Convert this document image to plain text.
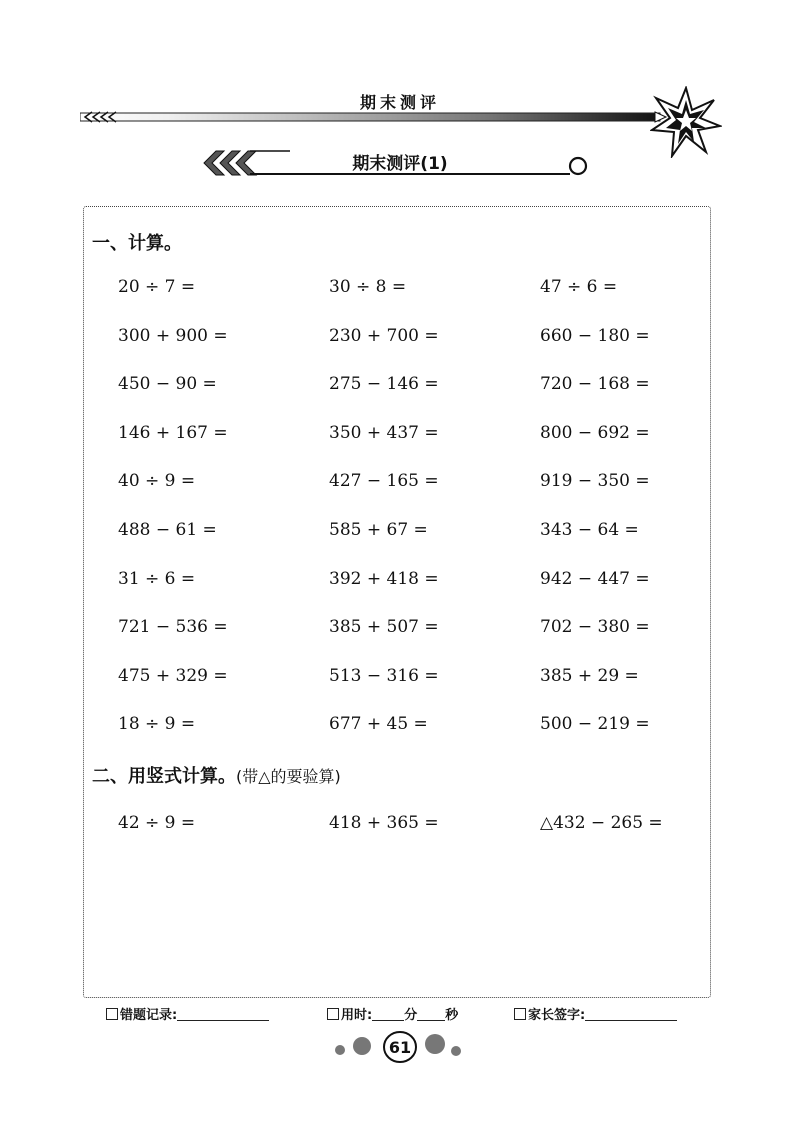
期末测评
期末测评(1)
一、计算。
20 ÷ 7 =	30 ÷ 8 =	47 ÷ 6 =
300 + 900 =	230 + 700 =	660 − 180 =
450 − 90 =	275 − 146 =	720 − 168 =
146 + 167 =	350 + 437 =	800 − 692 =
40 ÷ 9 =	427 − 165 =	919 − 350 =
488 − 61 =	585 + 67 =	343 − 64 =
31 ÷ 6 =	392 + 418 =	942 − 447 =
721 − 536 =	385 + 507 =	702 − 380 =
475 + 329 =	513 − 316 =	385 + 29 =
18 ÷ 9 =	677 + 45 =	500 − 219 =
二、用竖式计算。(带△的要验算)
42 ÷ 9 =	418 + 365 =	△432 − 265 =
错题记录:	用时: 分 秒	家长签字:
61
